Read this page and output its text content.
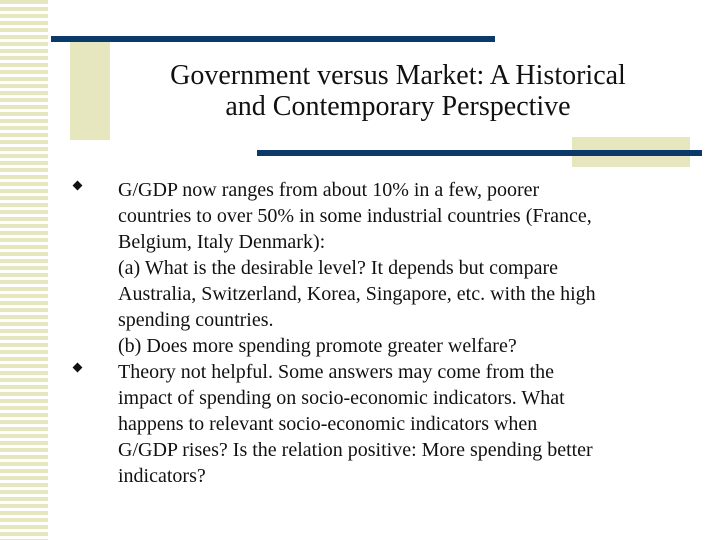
Government versus Market: A Historical
and Contemporary Perspective
G/GDP now ranges from about 10% in a few, poorer
countries to over 50% in some industrial countries (France,
Belgium, Italy Denmark):
(a) What is the desirable level? It depends but compare
Australia, Switzerland, Korea, Singapore, etc. with the high
spending countries.
(b) Does more spending promote greater welfare?
Theory not helpful. Some answers may come from the
impact of spending on socio-economic indicators. What
happens to relevant socio-economic indicators when
G/GDP rises? Is the relation positive: More spending better
indicators?
